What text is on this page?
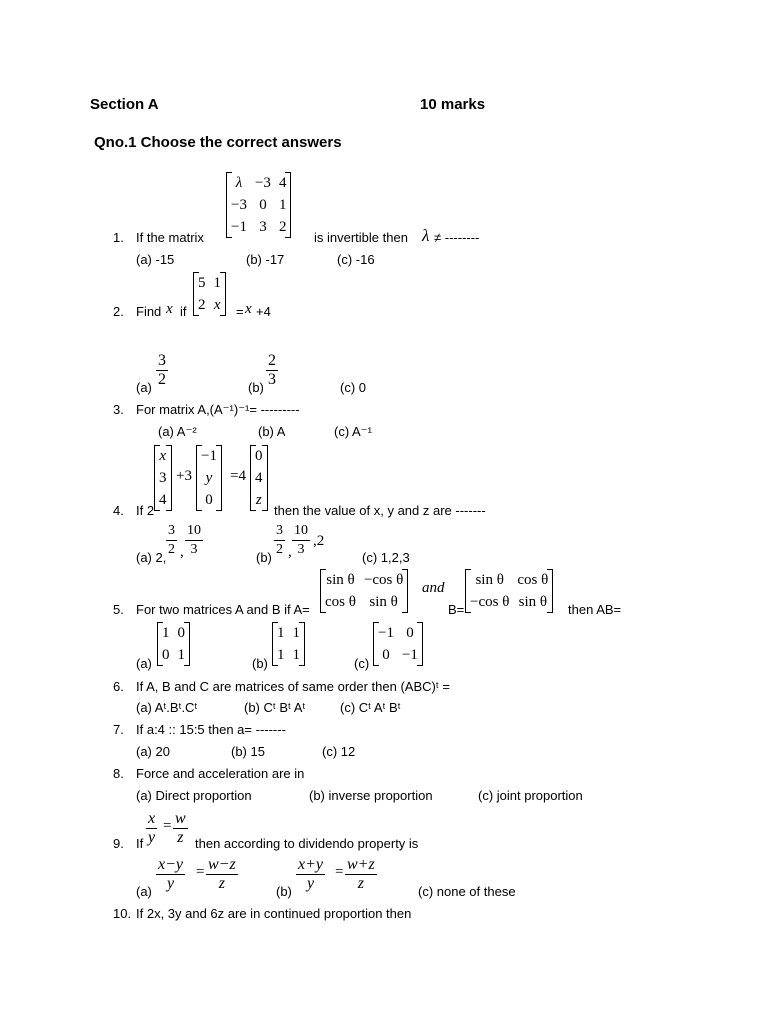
Section A	10 marks
Qno.1 Choose the correct answers
1. If the matrix
λ	−3	4
−3	0	1
−1	3	2
is invertible then λ ≠ --------
(a) -15	(b) -17	(c) -16
2. Find x if
5	1
2	x = x +4
$(a) \frac{3}{2}$	$(b) \frac{2}{3}$	(c) 0
3. For matrix A,(A⁻¹)⁻¹= ---------
(a) A⁻²	(b) A	(c) A⁻¹
4. If 2
x
3
4
+3
−1
y
0
=4
0
4
z
then the value of x, y and z are -------
(a) 2, $\frac{3}{2}$ , $\frac{10}{3}$	$(b) \frac{3}{2}$ , $\frac{10}{3} ,2$
(c) 1,2,3
5. For two matrices A and B if A=
sin θ	−cos θ
cos θ	sin θ
and
B=
sin θ	cos θ
−cos θ	sin θ then AB=
(a)
1	0
0	1
(b)
1	1
1	1
(c)
−1	0
0	−1
6. If A, B and C are matrices of same order then (ABC)ᵗ =
(a) Aᵗ.Bᵗ.Cᵗ	(b) Cᵗ Bᵗ Aᵗ	(c) Cᵗ Aᵗ Bᵗ
7. If a:4 :: 15:5 then a= -------
(a) 20	(b) 15	(c) 12
8. Force and acceleration are in
(a) Direct proportion	(b) inverse proportion	(c) joint proportion
9. If $\frac{x}{y} = \frac{w}{z}$ then according to dividendo property is
$(a) \frac{x-y}{y} = \frac{w-z}{z}$	$(b) \frac{x+y}{y} = \frac{w+z}{z}$	(c) none of these
10. If 2x, 3y and 6z are in continued proportion then
